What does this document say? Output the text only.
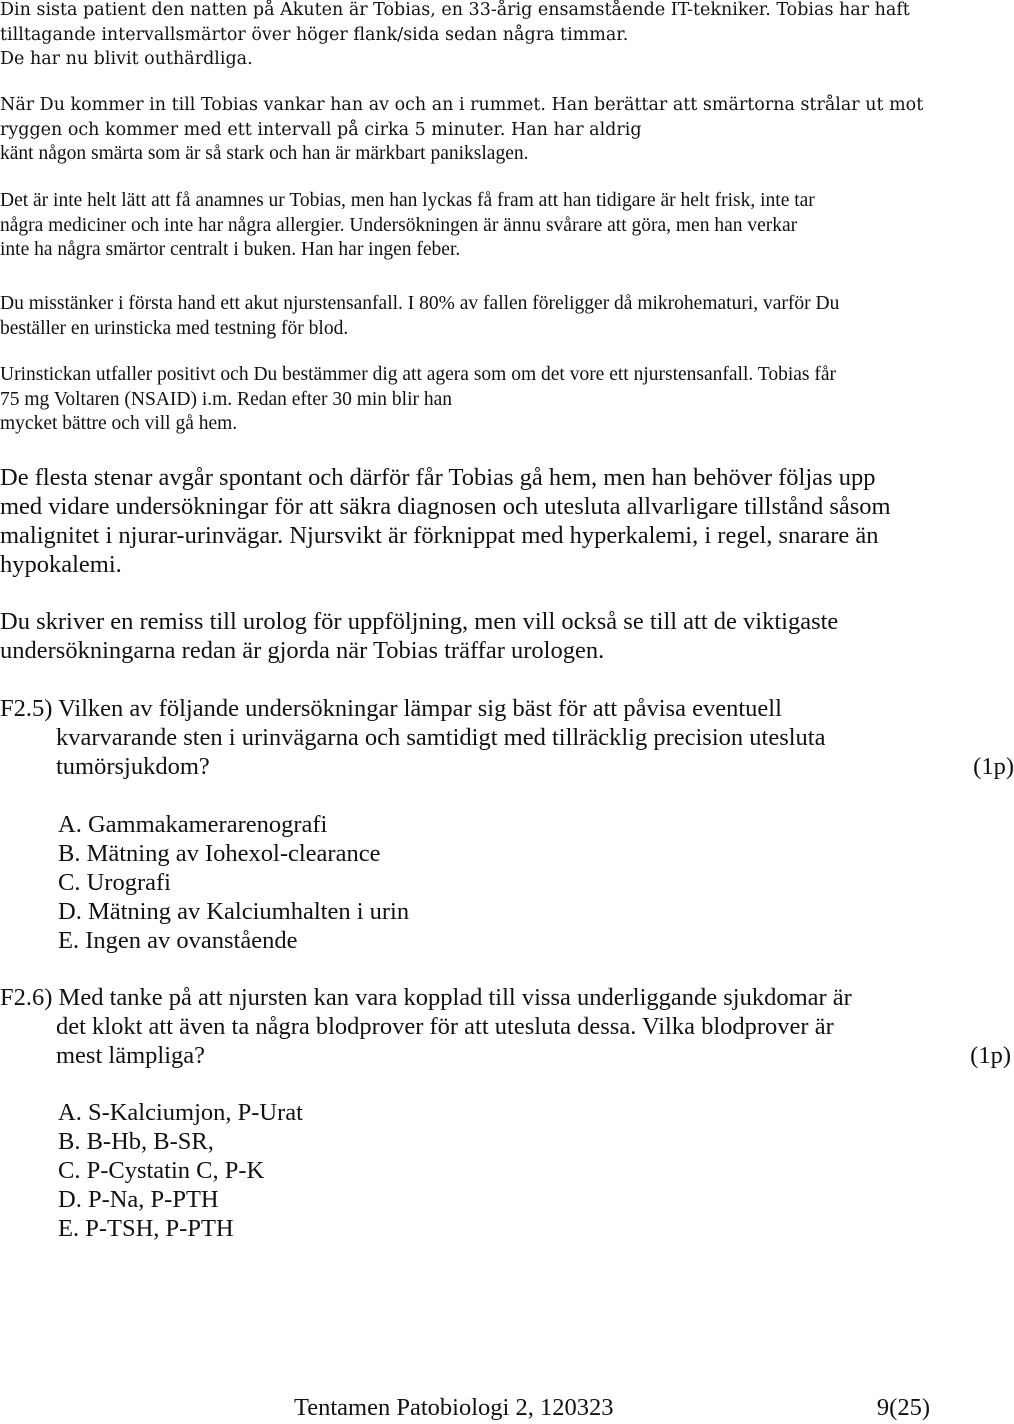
Din sista patient den natten på Akuten är Tobias, en 33-årig ensamstående IT-tekniker. Tobias har haft
tilltagande intervallsmärtor över höger flank/sida sedan några timmar.
De har nu blivit outhärdliga.
När Du kommer in till Tobias vankar han av och an i rummet. Han berättar att smärtorna strålar ut mot
ryggen och kommer med ett intervall på cirka 5 minuter. Han har aldrig
känt någon smärta som är så stark och han är märkbart panikslagen.
Det är inte helt lätt att få anamnes ur Tobias, men han lyckas få fram att han tidigare är helt frisk, inte tar
några mediciner och inte har några allergier. Undersökningen är ännu svårare att göra, men han verkar
inte ha några smärtor centralt i buken. Han har ingen feber.
Du misstänker i första hand ett akut njurstensanfall. I 80% av fallen föreligger då mikrohematuri, varför Du
beställer en urinsticka med testning för blod.
Urinstickan utfaller positivt och Du bestämmer dig att agera som om det vore ett njurstensanfall. Tobias får
75 mg Voltaren (NSAID) i.m. Redan efter 30 min blir han
mycket bättre och vill gå hem.
De flesta stenar avgår spontant och därför får Tobias gå hem, men han behöver följas upp
med vidare undersökningar för att säkra diagnosen och utesluta allvarligare tillstånd såsom
malignitet i njurar-urinvägar. Njursvikt är förknippat med hyperkalemi, i regel, snarare än
hypokalemi.
Du skriver en remiss till urolog för uppföljning, men vill också se till att de viktigaste
undersökningarna redan är gjorda när Tobias träffar urologen.
F2.5) Vilken av följande undersökningar lämpar sig bäst för att påvisa eventuell
kvarvarande sten i urinvägarna och samtidigt med tillräcklig precision utesluta
tumörsjukdom?	(1p)
A. Gammakamerarenografi
B. Mätning av Iohexol-clearance
C. Urografi
D. Mätning av Kalciumhalten i urin
E. Ingen av ovanstående
F2.6) Med tanke på att njursten kan vara kopplad till vissa underliggande sjukdomar är
det klokt att även ta några blodprover för att utesluta dessa. Vilka blodprover är
mest lämpliga?	(1p)
A. S-Kalciumjon, P-Urat
B. B-Hb, B-SR,
C. P-Cystatin C, P-K
D. P-Na, P-PTH
E. P-TSH, P-PTH
Tentamen Patobiologi 2, 120323	9(25)
